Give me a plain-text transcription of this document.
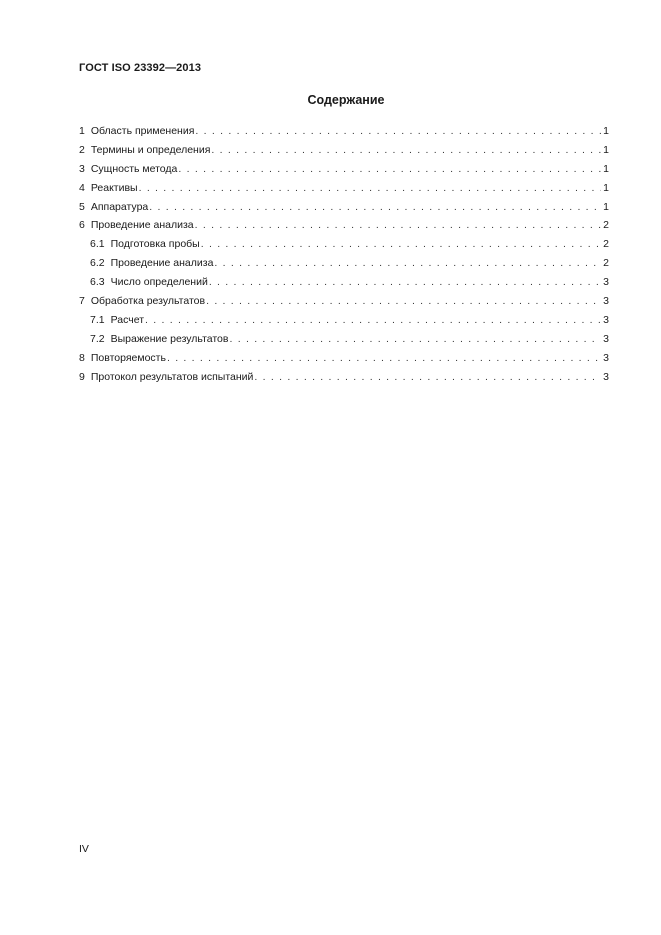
ГОСТ ISO 23392—2013
Содержание
1 Область применения . . .	1
2 Термины и определения . . .	1
3 Сущность метода . . .	1
4 Реактивы . . .	1
5 Аппаратура . . .	1
6 Проведение анализа . . .	2
6.1 Подготовка пробы . . .	2
6.2 Проведение анализа . . .	2
6.3 Число определений . . .	3
7 Обработка результатов . . .	3
7.1 Расчет . . .	3
7.2 Выражение результатов . . .	3
8 Повторяемость . . .	3
9 Протокол результатов испытаний . . .	3
IV
